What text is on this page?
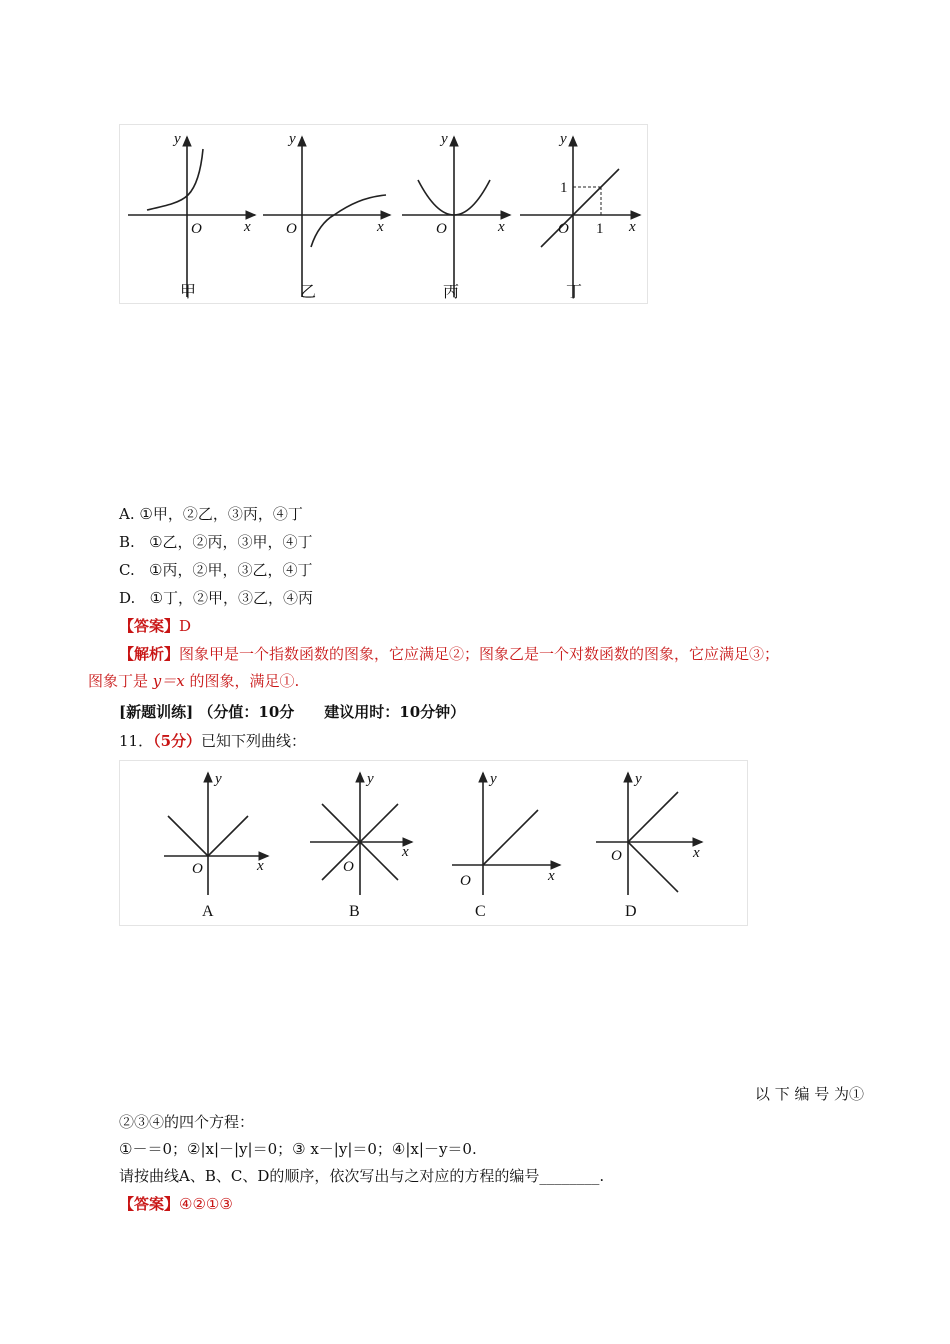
y
x
O
y
x
O
y
x
O
y
x
O
1
1
甲	乙	丙	丁
A. ①甲，②乙，③丙，④丁
B. ①乙，②丙，③甲，④丁
C. ①丙，②甲，③乙，④丁
D. ①丁，②甲，③乙，④丙
【答案】D
【解析】图象甲是一个指数函数的图象，它应满足②；图象乙是一个对数函数的图象，它应满足③；
图象丁是 y＝x 的图象，满足①.
[新题训练] （分值：10分　　建议用时：10分钟）
11．（5分）已知下列曲线：
y
x
O
y
x
O
y
x
O
y
x
O
A	B	C	D
以 下 编 号 为①
②③④的四个方程：
①－＝0；②|x|－|y|＝0；③ x－|y|＝0；④|x|－y＝0.
请按曲线A、B、C、D的顺序，依次写出与之对应的方程的编号________.
【答案】④②①③
